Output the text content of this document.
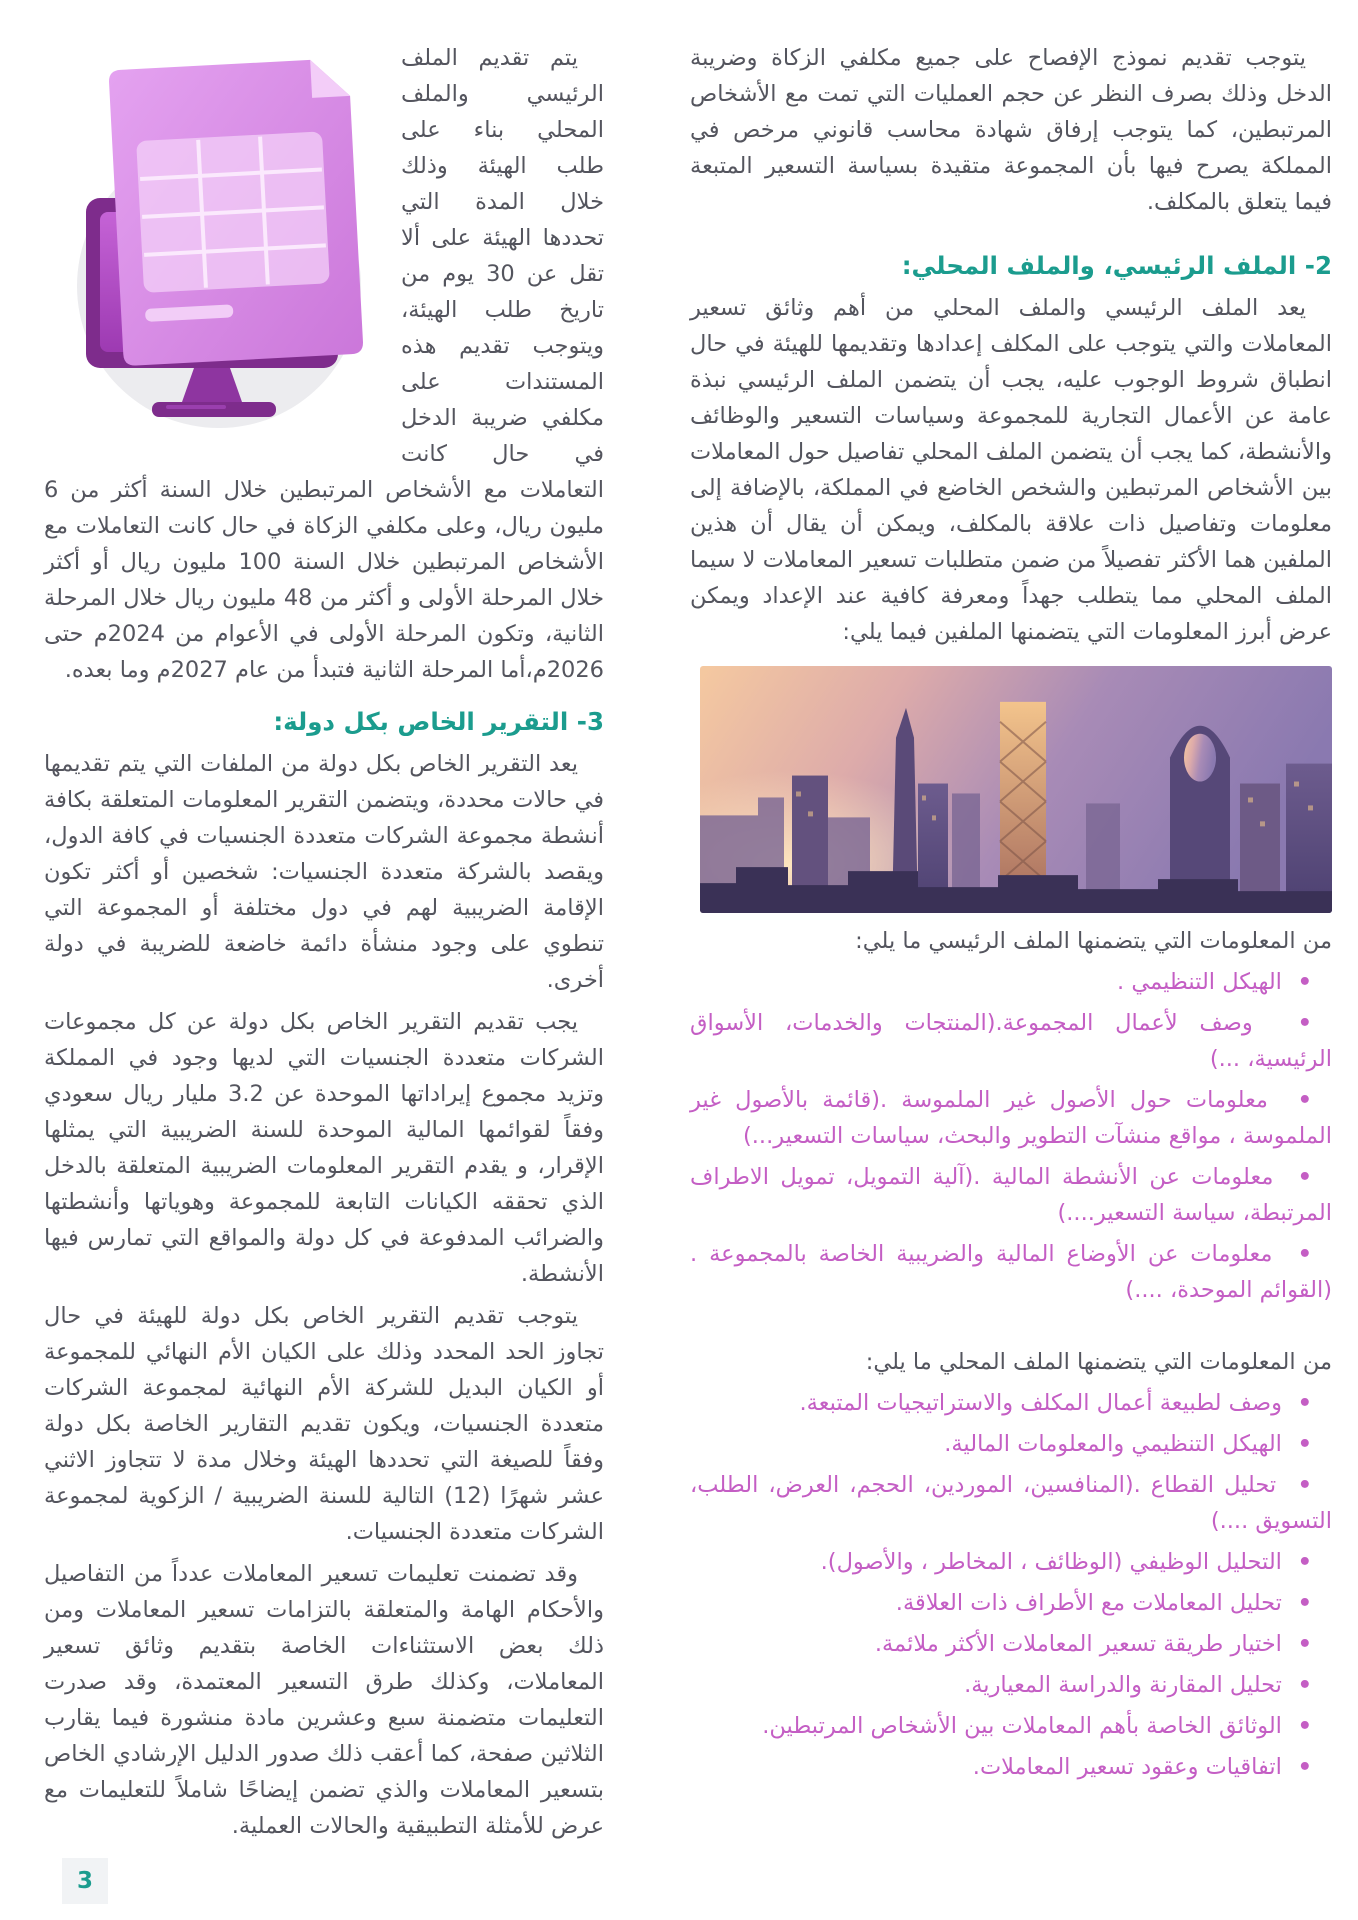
يتوجب تقديم نموذج الإفصاح على جميع مكلفي الزكاة وضريبة الدخل وذلك بصرف النظر عن حجم العمليات التي تمت مع الأشخاص المرتبطين، كما يتوجب إرفاق شهادة محاسب قانوني مرخص في المملكة يصرح فيها بأن المجموعة متقيدة بسياسة التسعير المتبعة فيما يتعلق بالمكلف.

2- الملف الرئيسي، والملف المحلي:

يعد الملف الرئيسي والملف المحلي من أهم وثائق تسعير المعاملات والتي يتوجب على المكلف إعدادها وتقديمها للهيئة في حال انطباق شروط الوجوب عليه، يجب أن يتضمن الملف الرئيسي نبذة عامة عن الأعمال التجارية للمجموعة وسياسات التسعير والوظائف والأنشطة، كما يجب أن يتضمن الملف المحلي تفاصيل حول المعاملات بين الأشخاص المرتبطين والشخص الخاضع في المملكة، بالإضافة إلى معلومات وتفاصيل ذات علاقة بالمكلف، ويمكن أن يقال أن هذين الملفين هما الأكثر تفصيلاً من ضمن متطلبات تسعير المعاملات لا سيما الملف المحلي مما يتطلب جهداً ومعرفة كافية عند الإعداد ويمكن عرض أبرز المعلومات التي يتضمنها الملفين فيما يلي:

من المعلومات التي يتضمنها الملف الرئيسي ما يلي:

•  الهيكل التنظيمي .
•  وصف لأعمال المجموعة.(المنتجات والخدمات، الأسواق الرئيسية، ...)
•  معلومات حول الأصول غير الملموسة .(قائمة بالأصول غير الملموسة ، مواقع منشآت التطوير والبحث، سياسات التسعير...)
•  معلومات عن الأنشطة المالية .(آلية التمويل، تمويل الاطراف المرتبطة، سياسة التسعير....)
•  معلومات عن الأوضاع المالية والضريبية الخاصة بالمجموعة .(القوائم الموحدة، ....)

من المعلومات التي يتضمنها الملف المحلي ما يلي:

•  وصف لطبيعة أعمال المكلف والاستراتيجيات المتبعة.
•  الهيكل التنظيمي والمعلومات المالية.
•  تحليل القطاع .(المنافسين، الموردين، الحجم، العرض، الطلب، التسويق ....)
•  التحليل الوظيفي (الوظائف ، المخاطر ، والأصول).
•  تحليل المعاملات مع الأطراف ذات العلاقة.
•  اختيار طريقة تسعير المعاملات الأكثر ملائمة.
•  تحليل المقارنة والدراسة المعيارية.
•  الوثائق الخاصة بأهم المعاملات بين الأشخاص المرتبطين.
•  اتفاقيات وعقود تسعير المعاملات.

يتم تقديم الملف الرئيسي والملف المحلي بناء على طلب الهيئة وذلك خلال المدة التي تحددها الهيئة على ألا تقل عن 30 يوم من تاريخ طلب الهيئة، ويتوجب تقديم هذه المستندات على مكلفي ضريبة الدخل في حال كانت التعاملات مع الأشخاص المرتبطين خلال السنة أكثر من 6 مليون ريال، وعلى مكلفي الزكاة في حال كانت التعاملات مع الأشخاص المرتبطين خلال السنة 100 مليون ريال أو أكثر خلال المرحلة الأولى و أكثر من 48 مليون ريال خلال المرحلة الثانية، وتكون المرحلة الأولى في الأعوام من 2024م حتى 2026م،أما المرحلة الثانية فتبدأ من عام 2027م وما بعده.

3- التقرير الخاص بكل دولة:

يعد التقرير الخاص بكل دولة من الملفات التي يتم تقديمها في حالات محددة، ويتضمن التقرير المعلومات المتعلقة بكافة أنشطة مجموعة الشركات متعددة الجنسيات في كافة الدول، ويقصد بالشركة متعددة الجنسيات: شخصين أو أكثر تكون الإقامة الضريبية لهم في دول مختلفة أو المجموعة التي تنطوي على وجود منشأة دائمة خاضعة للضريبة في دولة أخرى.

يجب تقديم التقرير الخاص بكل دولة عن كل مجموعات الشركات متعددة الجنسيات التي لديها وجود في المملكة وتزيد مجموع إيراداتها الموحدة عن 3.2 مليار ريال سعودي وفقاً لقوائمها المالية الموحدة للسنة الضريبية التي يمثلها الإقرار، و يقدم التقرير المعلومات الضريبية المتعلقة بالدخل الذي تحققه الكيانات التابعة للمجموعة وهوياتها وأنشطتها والضرائب المدفوعة في كل دولة والمواقع التي تمارس فيها الأنشطة.

يتوجب تقديم التقرير الخاص بكل دولة للهيئة في حال تجاوز الحد المحدد وذلك على الكيان الأم النهائي للمجموعة أو الكيان البديل للشركة الأم النهائية لمجموعة الشركات متعددة الجنسيات، ويكون تقديم التقارير الخاصة بكل دولة وفقاً للصيغة التي تحددها الهيئة وخلال مدة لا تتجاوز الاثني عشر شهرًا (12) التالية للسنة الضريبية / الزكوية لمجموعة الشركات متعددة الجنسيات.

وقد تضمنت تعليمات تسعير المعاملات عدداً من التفاصيل والأحكام الهامة والمتعلقة بالتزامات تسعير المعاملات ومن ذلك بعض الاستثناءات الخاصة بتقديم وثائق تسعير المعاملات، وكذلك طرق التسعير المعتمدة، وقد صدرت التعليمات متضمنة سبع وعشرين مادة منشورة فيما يقارب الثلاثين صفحة، كما أعقب ذلك صدور الدليل الإرشادي الخاص بتسعير المعاملات والذي تضمن إيضاحًا شاملاً للتعليمات مع عرض للأمثلة التطبيقية والحالات العملية.

3
